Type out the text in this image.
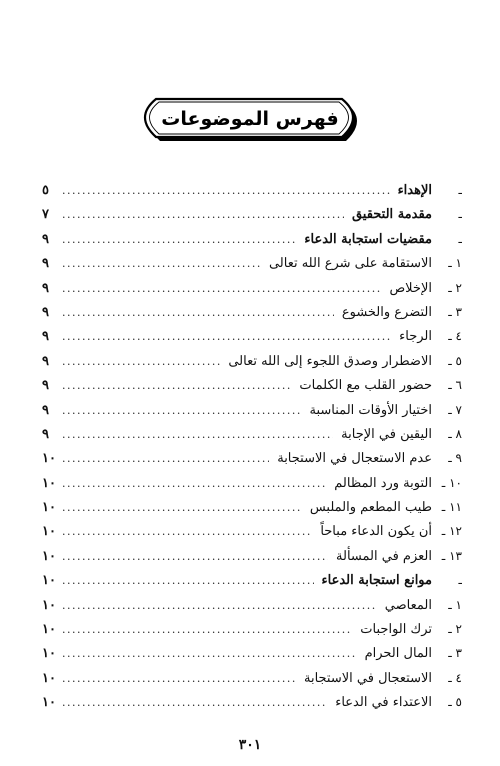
فهرس الموضوعات
ـ
الإهداء
.....
٥
ـ
مقدمة التحقيق
.....
٧
ـ
مقضيات استجابة الدعاء
.....
٩
١ ـ
الاستقامة على شرع الله تعالى
.....
٩
٢ ـ
الإخلاص
.....
٩
٣ ـ
التضرع والخشوع
.....
٩
٤ ـ
الرجاء
.....
٩
٥ ـ
الاضطرار وصدق اللجوء إلى الله تعالى
.....
٩
٦ ـ
حضور القلب مع الكلمات
.....
٩
٧ ـ
اختيار الأوقات المناسبة
.....
٩
٨ ـ
اليقين في الإجابة
.....
٩
٩ ـ
عدم الاستعجال في الاستجابة
.....
١٠
١٠ ـ
التوبة ورد المظالم
.....
١٠
١١ ـ
طيب المطعم والملبس
.....
١٠
١٢ ـ
أن يكون الدعاء مباحاً
.....
١٠
١٣ ـ
العزم في المسألة
.....
١٠
ـ
موانع استجابة الدعاء
.....
١٠
١ ـ
المعاصي
.....
١٠
٢ ـ
ترك الواجبات
.....
١٠
٣ ـ
المال الحرام
.....
١٠
٤ ـ
الاستعجال في الاستجابة
.....
١٠
٥ ـ
الاعتداء في الدعاء
.....
١٠
٣٠١
